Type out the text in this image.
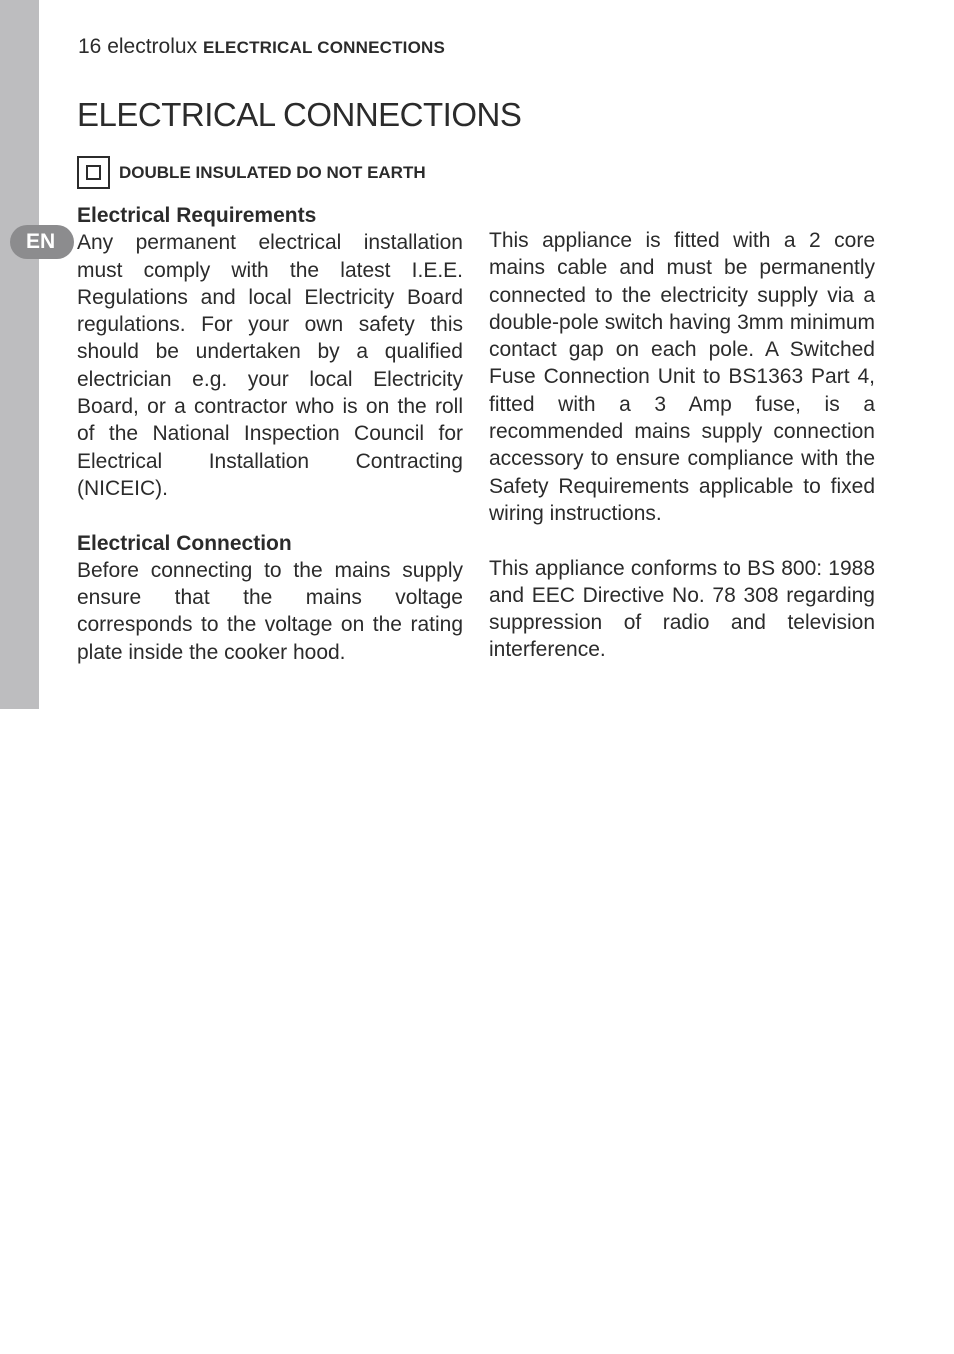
EN
16 electrolux ELECTRICAL CONNECTIONS
ELECTRICAL CONNECTIONS
DOUBLE INSULATED DO NOT EARTH
Electrical Requirements

Any permanent electrical installation must comply with the latest I.E.E. Regulations and local Electricity Board regulations. For your own safety this should be undertaken by a qualified electrician e.g. your local Electricity Board, or a contractor who is on the roll of the National Inspection Council for Electrical Installation Contracting (NICEIC).

Electrical Connection

Before connecting to the mains supply ensure that the mains voltage corresponds to the voltage on the rating plate inside the cooker hood.

This appliance is fitted with a 2 core mains cable and must be permanently connected to the electricity supply via a double-pole switch having 3mm minimum contact gap on each pole. A Switched Fuse Connection Unit to BS1363 Part 4, fitted with a 3 Amp fuse, is a recommended mains supply connection accessory to ensure compliance with the Safety Requirements applicable to fixed wiring instructions.

This appliance conforms to BS 800: 1988 and EEC Directive No. 78 308 regarding suppression of radio and television interference.
